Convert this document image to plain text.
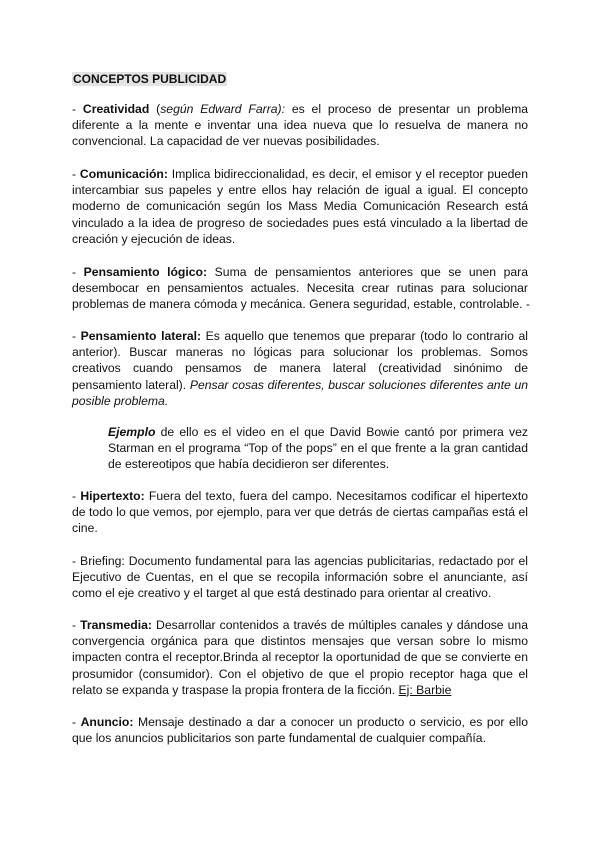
CONCEPTOS PUBLICIDAD
- Creatividad (según Edward Farra): es el proceso de presentar un problema
diferente a la mente e inventar una idea nueva que lo resuelva de manera no
convencional. La capacidad de ver nuevas posibilidades.
- Comunicación: Implica bidireccionalidad, es decir, el emisor y el receptor pueden
intercambiar sus papeles y entre ellos hay relación de igual a igual. El concepto
moderno de comunicación según los Mass Media Comunicación Research está
vinculado a la idea de progreso de sociedades pues está vinculado a la libertad de
creación y ejecución de ideas.
- Pensamiento lógico: Suma de pensamientos anteriores que se unen para
desembocar en pensamientos actuales. Necesita crear rutinas para solucionar
problemas de manera cómoda y mecánica. Genera seguridad, estable, controlable. -
- Pensamiento lateral: Es aquello que tenemos que preparar (todo lo contrario al
anterior). Buscar maneras no lógicas para solucionar los problemas. Somos
creativos cuando pensamos de manera lateral (creatividad sinónimo de
pensamiento lateral). Pensar cosas diferentes, buscar soluciones diferentes ante un
posible problema.
Ejemplo de ello es el video en el que David Bowie cantó por primera vez
Starman en el programa “Top of the pops” en el que frente a la gran cantidad
de estereotipos que había decidieron ser diferentes.
- Hipertexto: Fuera del texto, fuera del campo. Necesitamos codificar el hipertexto
de todo lo que vemos, por ejemplo, para ver que detrás de ciertas campañas está el
cine.
- Briefing: Documento fundamental para las agencias publicitarias, redactado por el
Ejecutivo de Cuentas, en el que se recopila información sobre el anunciante, así
como el eje creativo y el target al que está destinado para orientar al creativo.
- Transmedia: Desarrollar contenidos a través de múltiples canales y dándose una
convergencia orgánica para que distintos mensajes que versan sobre lo mismo
impacten contra el receptor.Brinda al receptor la oportunidad de que se convierte en
prosumidor (consumidor). Con el objetivo de que el propio receptor haga que el
relato se expanda y traspase la propia frontera de la ficción. Ej: Barbie
- Anuncio: Mensaje destinado a dar a conocer un producto o servicio, es por ello
que los anuncios publicitarios son parte fundamental de cualquier compañía.
